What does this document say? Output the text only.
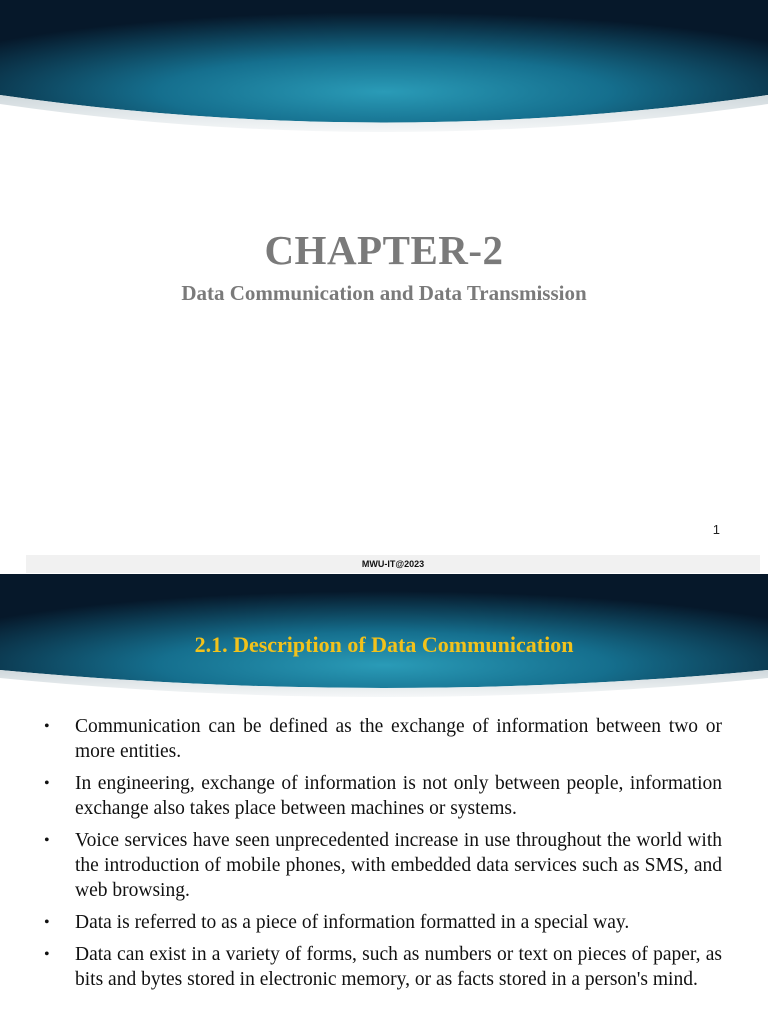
CHAPTER-2
Data Communication and Data Transmission
1
MWU-IT@2023
2.1. Description of Data Communication
• Communication can be defined as the exchange of information between two or more entities.
• In engineering, exchange of information is not only between people, information exchange also takes place between machines or systems.
• Voice services have seen unprecedented increase in use throughout the world with the introduction of mobile phones, with embedded data services such as SMS, and web browsing.
• Data is referred to as a piece of information formatted in a special way.
• Data can exist in a variety of forms, such as numbers or text on pieces of paper, as bits and bytes stored in electronic memory, or as facts stored in a person's mind.
